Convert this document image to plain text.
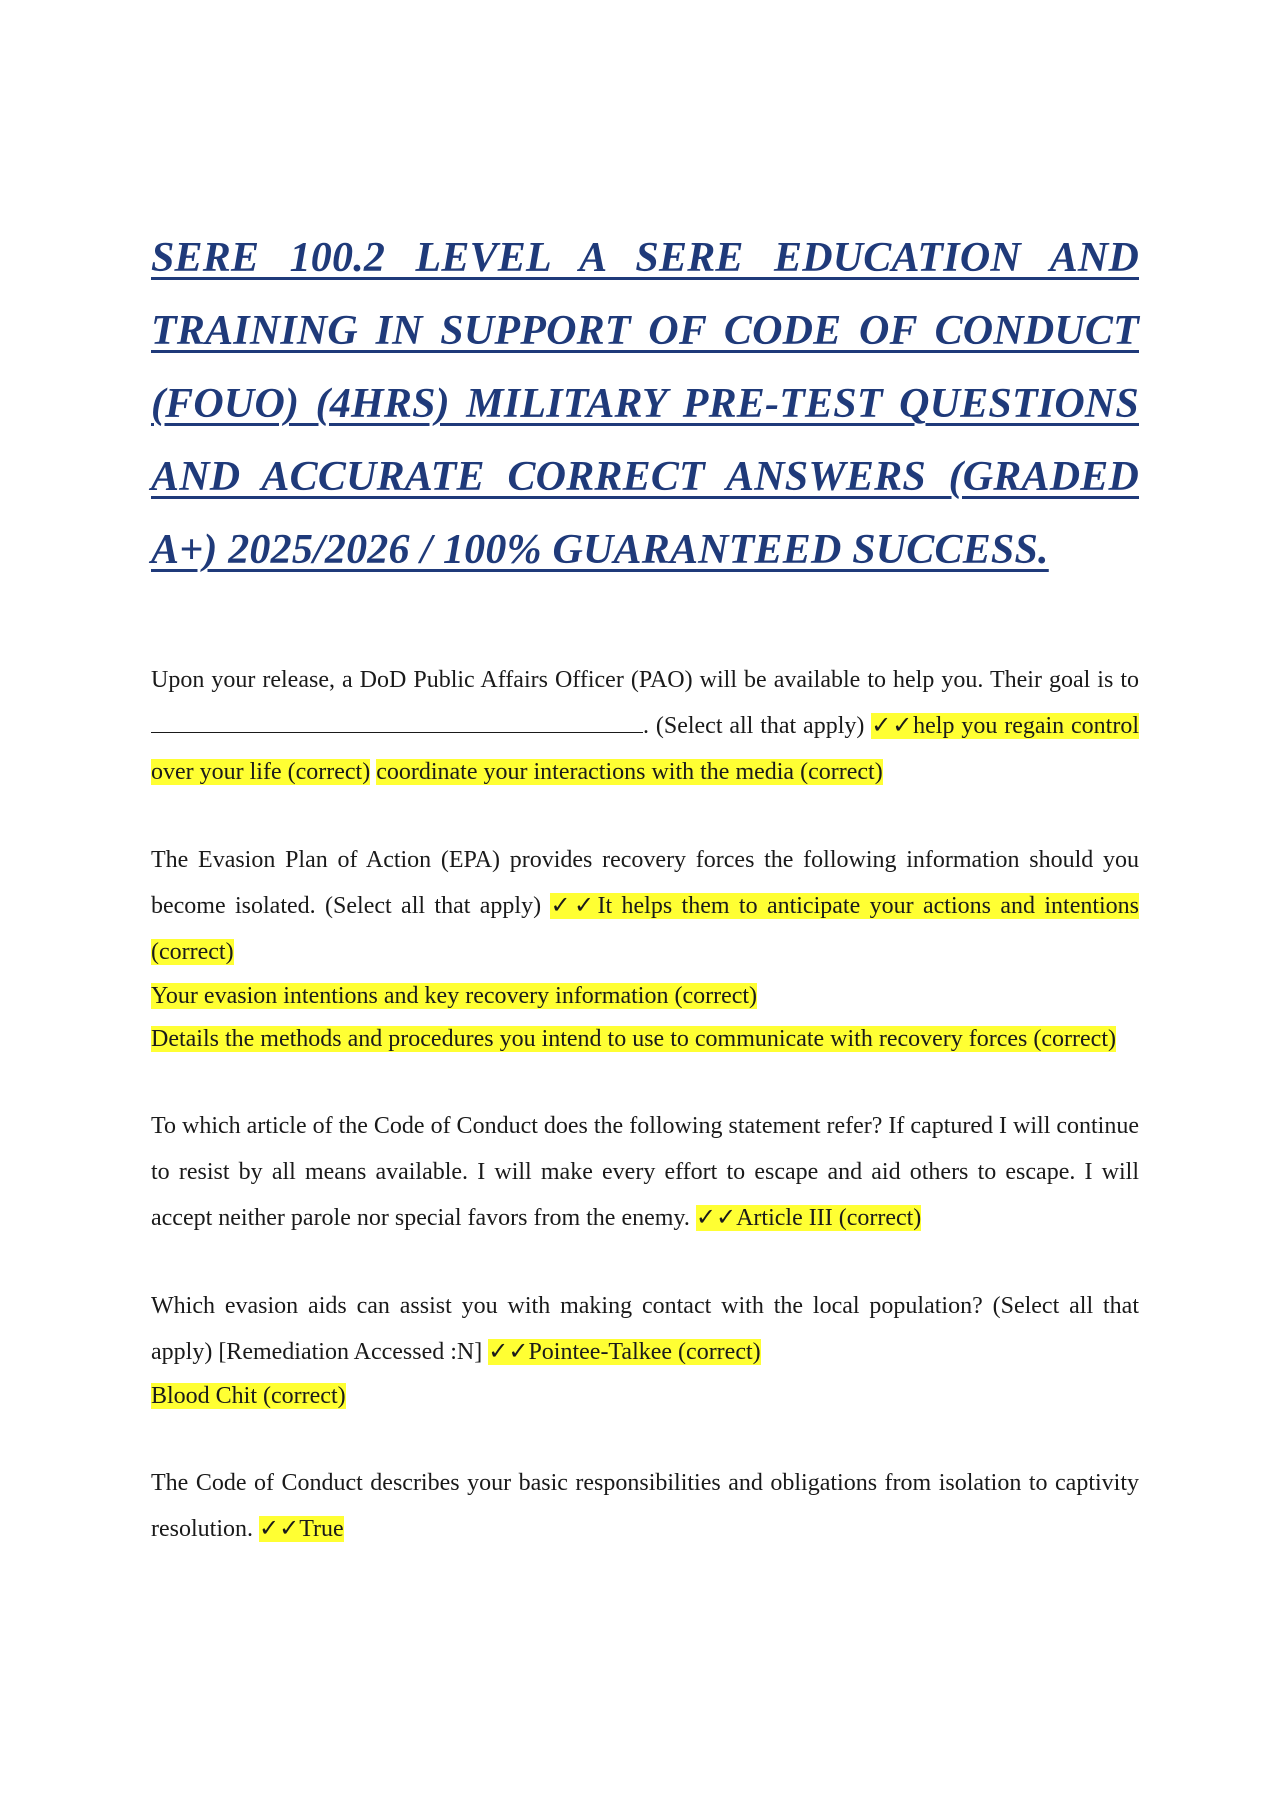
SERE 100.2 LEVEL A SERE EDUCATION AND TRAINING IN SUPPORT OF CODE OF CONDUCT (FOUO) (4HRS) MILITARY PRE-TEST QUESTIONS AND ACCURATE CORRECT ANSWERS (GRADED A+) 2025/2026 / 100% GUARANTEED SUCCESS.

Upon your release, a DoD Public Affairs Officer (PAO) will be available to help you. Their goal is to. (Select all that apply) ✓✓help you regain control over your life (correct) coordinate your interactions with the media (correct)

The Evasion Plan of Action (EPA) provides recovery forces the following information should you become isolated. (Select all that apply) ✓✓It helps them to anticipate your actions and intentions (correct)
Your evasion intentions and key recovery information (correct)
Details the methods and procedures you intend to use to communicate with recovery forces (correct)

To which article of the Code of Conduct does the following statement refer? If captured I will continue to resist by all means available. I will make every effort to escape and aid others to escape. I will accept neither parole nor special favors from the enemy. ✓✓Article III (correct)

Which evasion aids can assist you with making contact with the local population? (Select all that apply) [Remediation Accessed :N] ✓✓Pointee-Talkee (correct)
Blood Chit (correct)

The Code of Conduct describes your basic responsibilities and obligations from isolation to captivity resolution. ✓✓True
